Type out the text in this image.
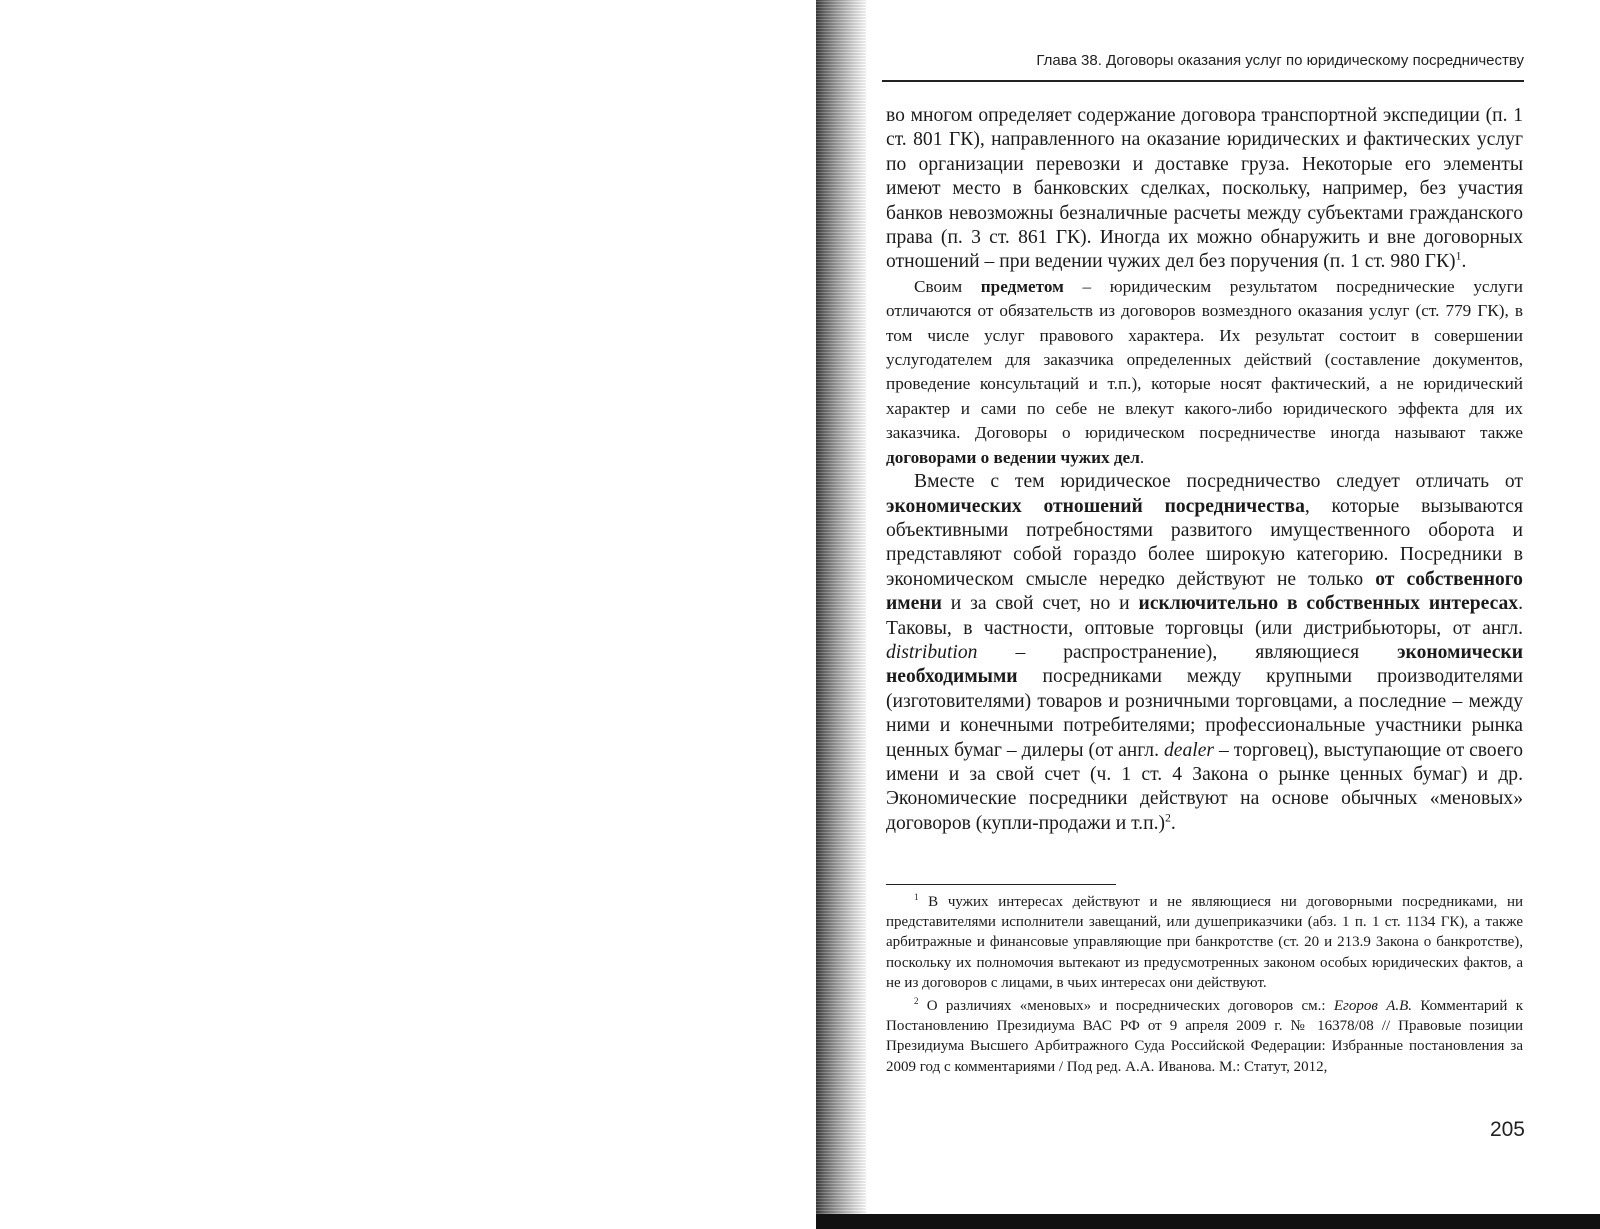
Глава 38. Договоры оказания услуг по юридическому посредничеству

во многом определяет содержание договора транспортной экспедиции (п. 1 ст. 801 ГК), направленного на оказание юридических и фактических услуг по организации перевозки и доставке груза. Некоторые его элементы имеют место в банковских сделках, поскольку, например, без участия банков невозможны безналичные расчеты между субъектами гражданского права (п. 3 ст. 861 ГК). Иногда их можно обнаружить и вне договорных отношений – при ведении чужих дел без поручения (п. 1 ст. 980 ГК)$^1$.

Своим предметом – юридическим результатом посреднические услуги отличаются от обязательств из договоров возмездного оказания услуг (ст. 779 ГК), в том числе услуг правового характера. Их результат состоит в совершении услугодателем для заказчика определенных действий (составление документов, проведение консультаций и т.п.), которые носят фактический, а не юридический характер и сами по себе не влекут какого-либо юридического эффекта для их заказчика. Договоры о юридическом посредничестве иногда называют также договорами о ведении чужих дел.

Вместе с тем юридическое посредничество следует отличать от экономических отношений посредничества, которые вызываются объективными потребностями развитого имущественного оборота и представляют собой гораздо более широкую категорию. Посредники в экономическом смысле нередко действуют не только от собственного имени и за свой счет, но и исключительно в собственных интересах. Таковы, в частности, оптовые торговцы (или дистрибьюторы, от англ. distribution – распространение), являющиеся экономически необходимыми посредниками между крупными производителями (изготовителями) товаров и розничными торговцами, а последние – между ними и конечными потребителями; профессиональные участники рынка ценных бумаг – дилеры (от англ. dealer – торговец), выступающие от своего имени и за свой счет (ч. 1 ст. 4 Закона о рынке ценных бумаг) и др. Экономические посредники действуют на основе обычных «меновых» договоров (купли-продажи и т.п.)$^2$.

$^1$ В чужих интересах действуют и не являющиеся ни договорными посредниками, ни представителями исполнители завещаний, или душеприказчики (абз. 1 п. 1 ст. 1134 ГК), а также арбитражные и финансовые управляющие при банкротстве (ст. 20 и 213.9 Закона о банкротстве), поскольку их полномочия вытекают из предусмотренных законом особых юридических фактов, а не из договоров с лицами, в чьих интересах они действуют.

$^2$ О различиях «меновых» и посреднических договоров см.: Егоров А.В. Комментарий к Постановлению Президиума ВАС РФ от 9 апреля 2009 г. № 16378/08 // Правовые позиции Президиума Высшего Арбитражного Суда Российской Федерации: Избранные постановления за 2009 год с комментариями / Под ред. А.А. Иванова. М.: Статут, 2012,

205
